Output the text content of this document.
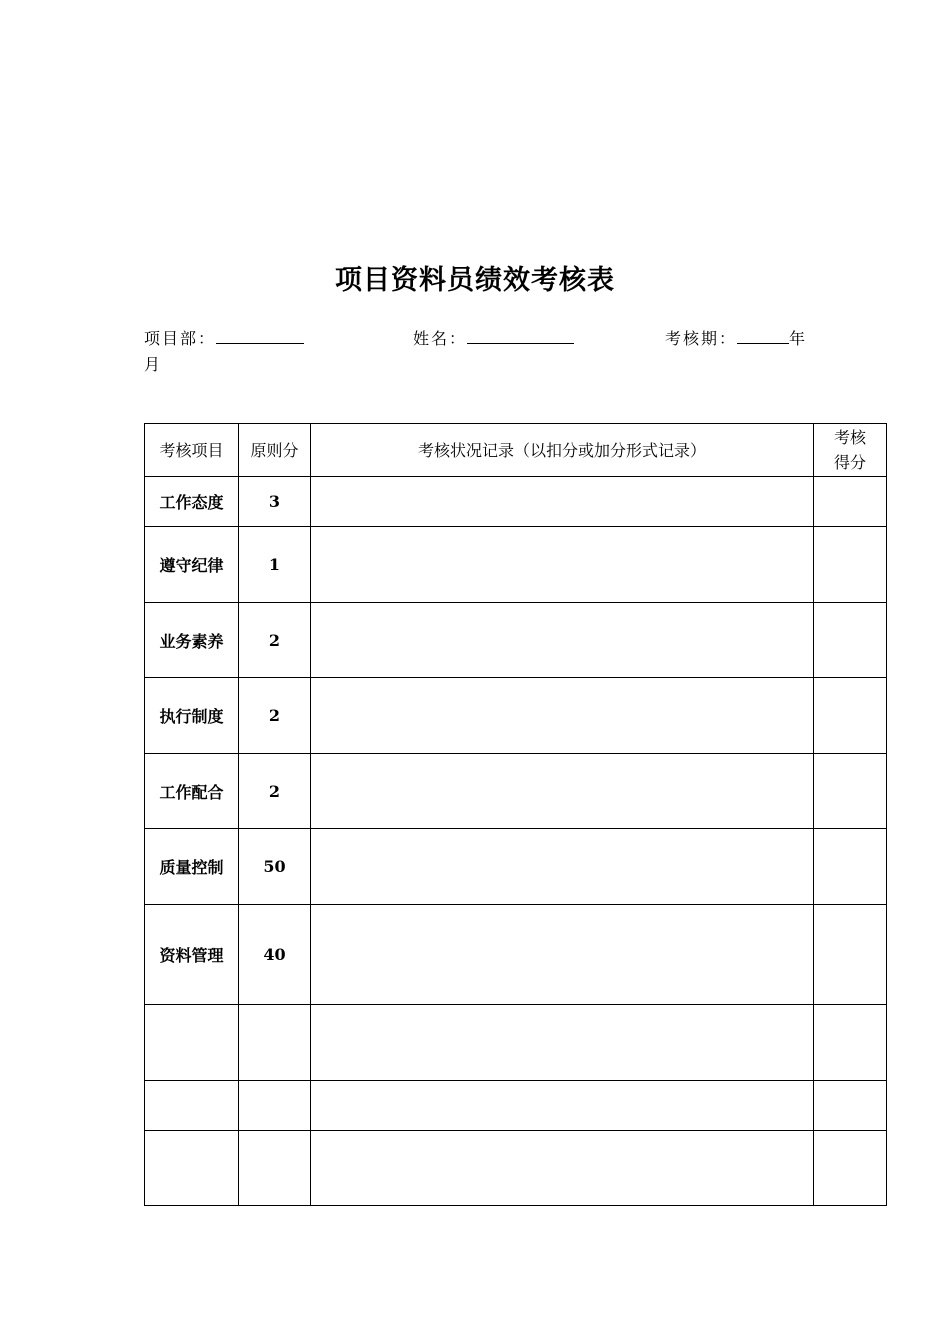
项目资料员绩效考核表
项目部：	姓名：	考核期：	年
月
考核项目	原则分	考核状况记录（以扣分或加分形式记录）	考核
得分

工作态度	3		
遵守纪律	1		
业务素养	2		
执行制度	2		
工作配合	2		
质量控制	50		
资料管理	40		
